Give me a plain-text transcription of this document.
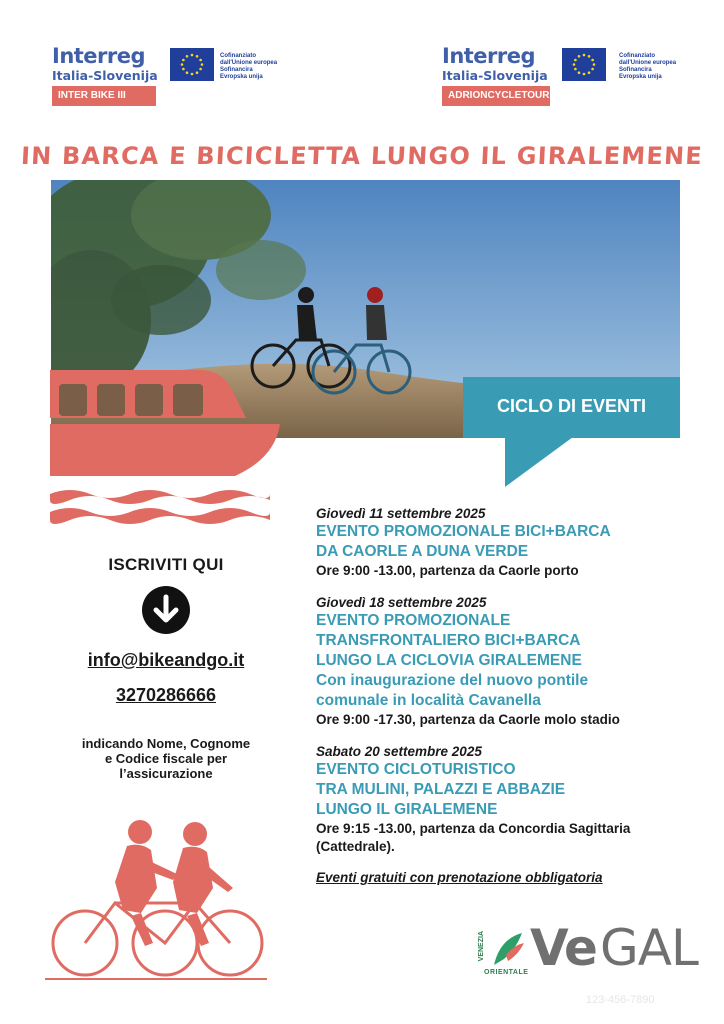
Interreg
Italia-Slovenija
Cofinanziato
dall'Unione europea
Sofinancira
Evropska unija
INTER BIKE III
Interreg
Italia-Slovenija
Cofinanziato
dall'Unione europea
Sofinancira
Evropska unija
ADRIONCYCLETOUR
IN BARCA E BICICLETTA LUNGO IL GIRALEMENE
CICLO DI EVENTI
ISCRIVITI QUI
info@bikeandgo.it
3270286666
indicando Nome, Cognome e Codice fiscale per l’assicurazione
Giovedì 11 settembre 2025
EVENTO PROMOZIONALE BICI+BARCA
DA CAORLE A DUNA VERDE
Ore 9:00 -13.00, partenza da Caorle porto
Giovedì 18 settembre 2025
EVENTO PROMOZIONALE
TRANSFRONTALIERO BICI+BARCA
LUNGO LA CICLOVIA GIRALEMENE
Con inaugurazione del nuovo pontile
comunale in località Cavanella
Ore 9:00 -17.30, partenza da Caorle molo stadio
Sabato 20 settembre 2025
EVENTO CICLOTURISTICO
TRA MULINI, PALAZZI E ABBAZIE
LUNGO IL GIRALEMENE
Ore 9:15 -13.00, partenza da Concordia Sagittaria (Cattedrale).
Eventi gratuiti con prenotazione obbligatoria
VENEZIA
ORIENTALE Ve GAL
123-456-7890
